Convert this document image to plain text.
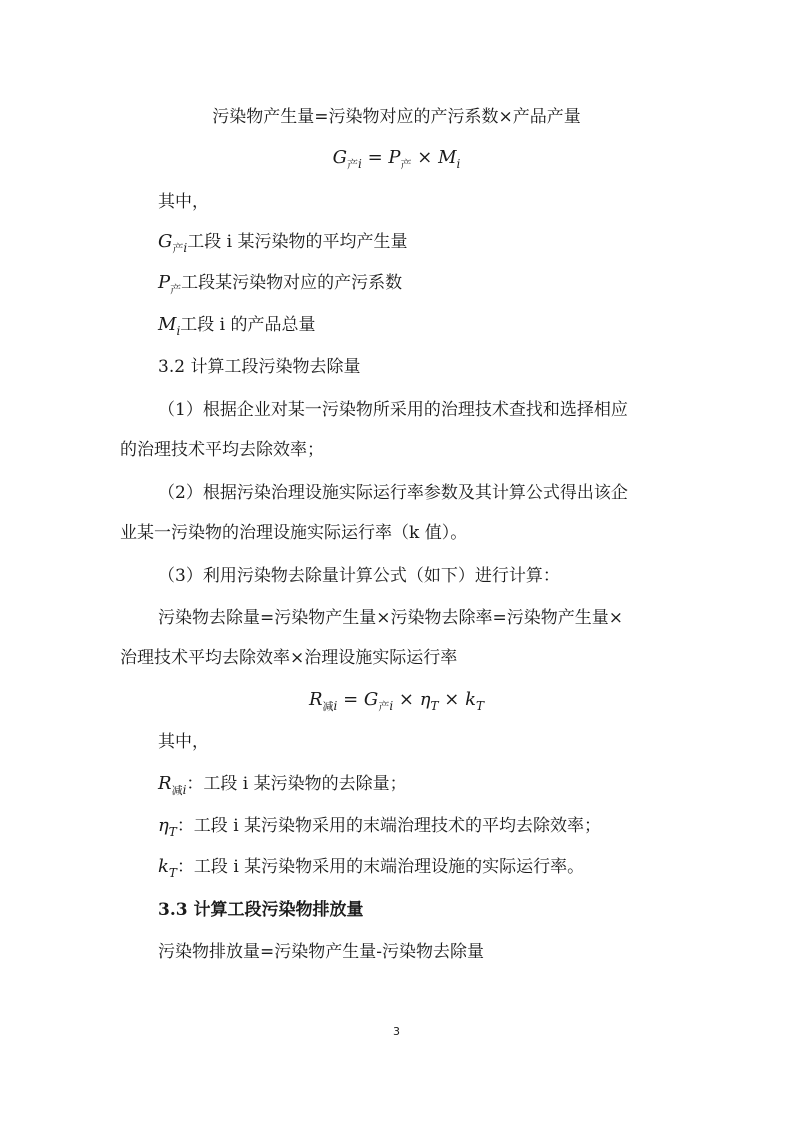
污染物产生量=污染物对应的产污系数×产品产量
$G_{产i} = P_产 \times M_i$
其中，
$G_{产i}$工段 i 某污染物的平均产生量
$P_产$工段某污染物对应的产污系数
$M_i$工段 i 的产品总量
3.2 计算工段污染物去除量
（1）根据企业对某一污染物所采用的治理技术查找和选择相应
的治理技术平均去除效率；
（2）根据污染治理设施实际运行率参数及其计算公式得出该企
业某一污染物的治理设施实际运行率（k 值）。
（3）利用污染物去除量计算公式（如下）进行计算：
污染物去除量=污染物产生量×污染物去除率=污染物产生量×
治理技术平均去除效率×治理设施实际运行率
$R_{减i} = G_{产i} \times \eta_T \times k_T$
其中，
$R_{减i}$：工段 i 某污染物的去除量；
$\eta_T$：工段 i 某污染物采用的末端治理技术的平均去除效率；
$k_T$：工段 i 某污染物采用的末端治理设施的实际运行率。
3.3 计算工段污染物排放量
污染物排放量=污染物产生量-污染物去除量
3
